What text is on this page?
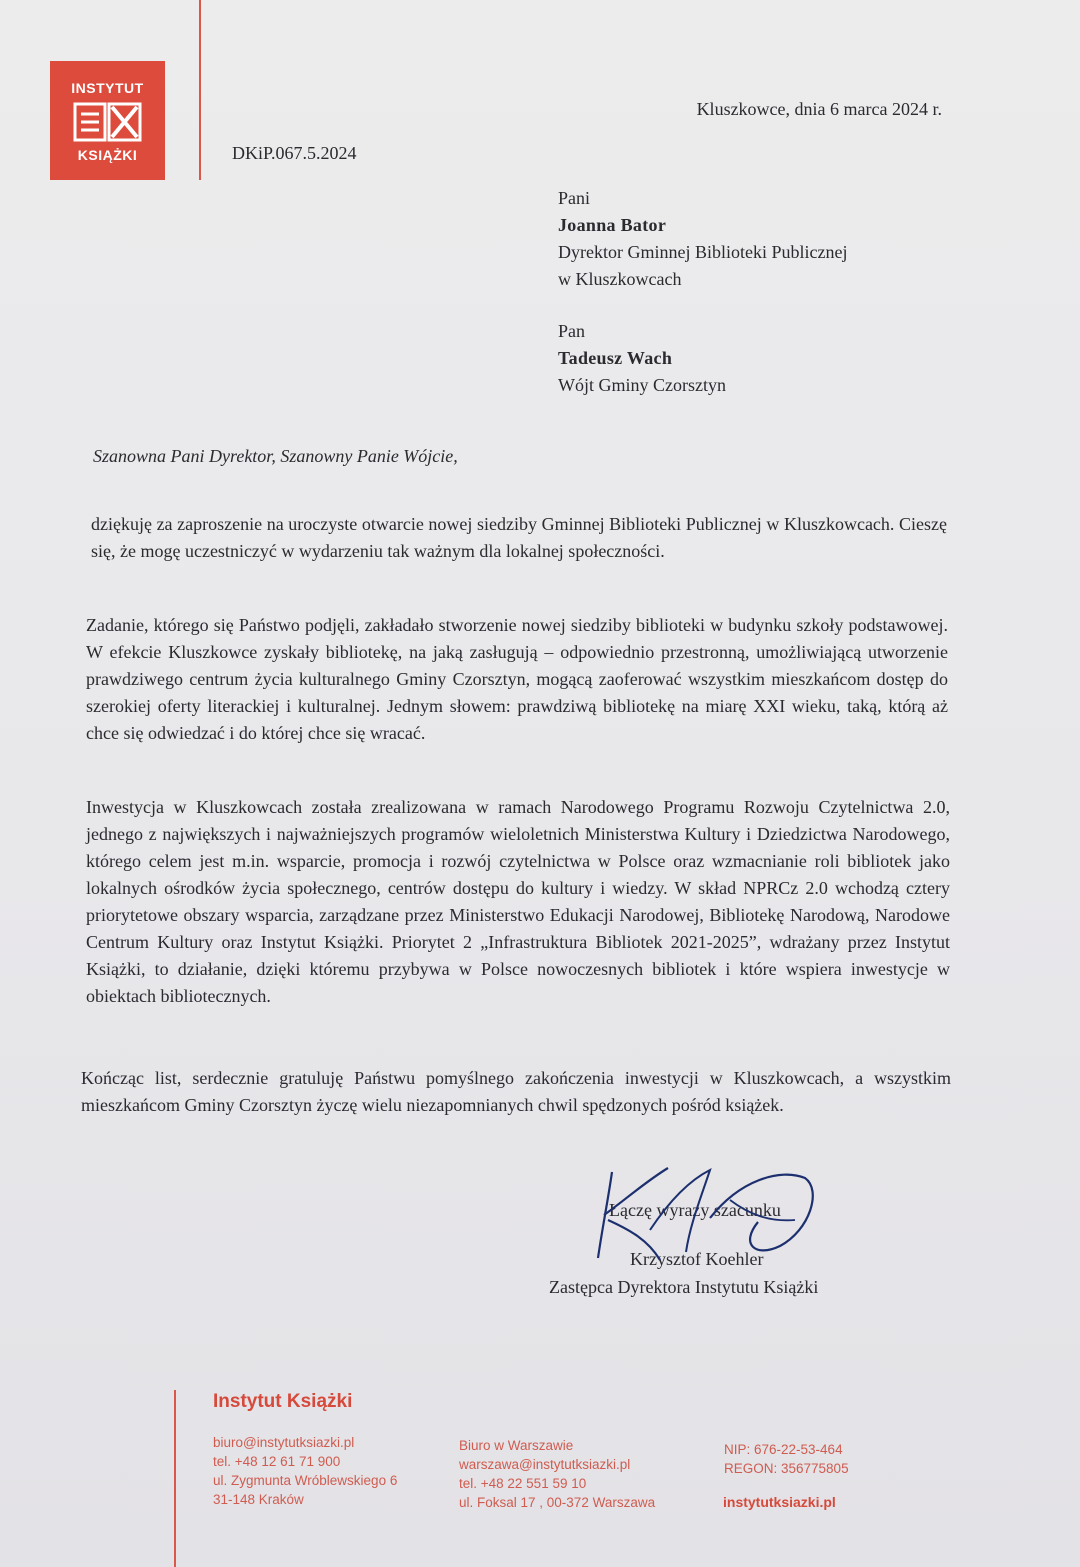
INSTYTUT
KSIĄŻKI	DKiP.067.5.2024
Kluszkowce, dnia 6 marca 2024 r.
Pani
Joanna Bator
Dyrektor Gminnej Biblioteki Publicznej
w Kluszkowcach
Pan
Tadeusz Wach
Wójt Gminy Czorsztyn
Szanowna Pani Dyrektor, Szanowny Panie Wójcie,
dziękuję za zaproszenie na uroczyste otwarcie nowej siedziby Gminnej Biblioteki Publicznej w Kluszkowcach. Cieszę się, że mogę uczestniczyć w wydarzeniu tak ważnym dla lokalnej społeczności.
Zadanie, którego się Państwo podjęli, zakładało stworzenie nowej siedziby biblioteki w budynku szkoły podstawowej. W efekcie Kluszkowce zyskały bibliotekę, na jaką zasługują – odpowiednio przestronną, umożliwiającą utworzenie prawdziwego centrum życia kulturalnego Gminy Czorsztyn, mogącą zaoferować wszystkim mieszkańcom dostęp do szerokiej oferty literackiej i kulturalnej. Jednym słowem: prawdziwą bibliotekę na miarę XXI wieku, taką, którą aż chce się odwiedzać i do której chce się wracać.
Inwestycja w Kluszkowcach została zrealizowana w ramach Narodowego Programu Rozwoju Czytelnictwa 2.0, jednego z największych i najważniejszych programów wieloletnich Ministerstwa Kultury i Dziedzictwa Narodowego, którego celem jest m.in. wsparcie, promocja i rozwój czytelnictwa w Polsce oraz wzmacnianie roli bibliotek jako lokalnych ośrodków życia społecznego, centrów dostępu do kultury i wiedzy. W skład NPRCz 2.0 wchodzą cztery priorytetowe obszary wsparcia, zarządzane przez Ministerstwo Edukacji Narodowej, Bibliotekę Narodową, Narodowe Centrum Kultury oraz Instytut Książki. Priorytet 2 „Infrastruktura Bibliotek 2021-2025”, wdrażany przez Instytut Książki, to działanie, dzięki któremu przybywa w Polsce nowoczesnych bibliotek i które wspiera inwestycje w obiektach bibliotecznych.
Kończąc list, serdecznie gratuluję Państwu pomyślnego zakończenia inwestycji w Kluszkowcach, a wszystkim mieszkańcom Gminy Czorsztyn życzę wielu niezapomnianych chwil spędzonych pośród książek.
Łączę wyrazy szacunku
Krzysztof Koehler
Zastępca Dyrektora Instytutu Książki
Instytut Książki
biuro@instytutksiazki.pl
tel. +48 12 61 71 900
ul. Zygmunta Wróblewskiego 6
31-148 Kraków
Biuro w Warszawie
warszawa@instytutksiazki.pl
tel. +48 22 551 59 10
ul. Foksal 17 , 00-372 Warszawa
NIP: 676-22-53-464
REGON: 356775805
instytutksiazki.pl
